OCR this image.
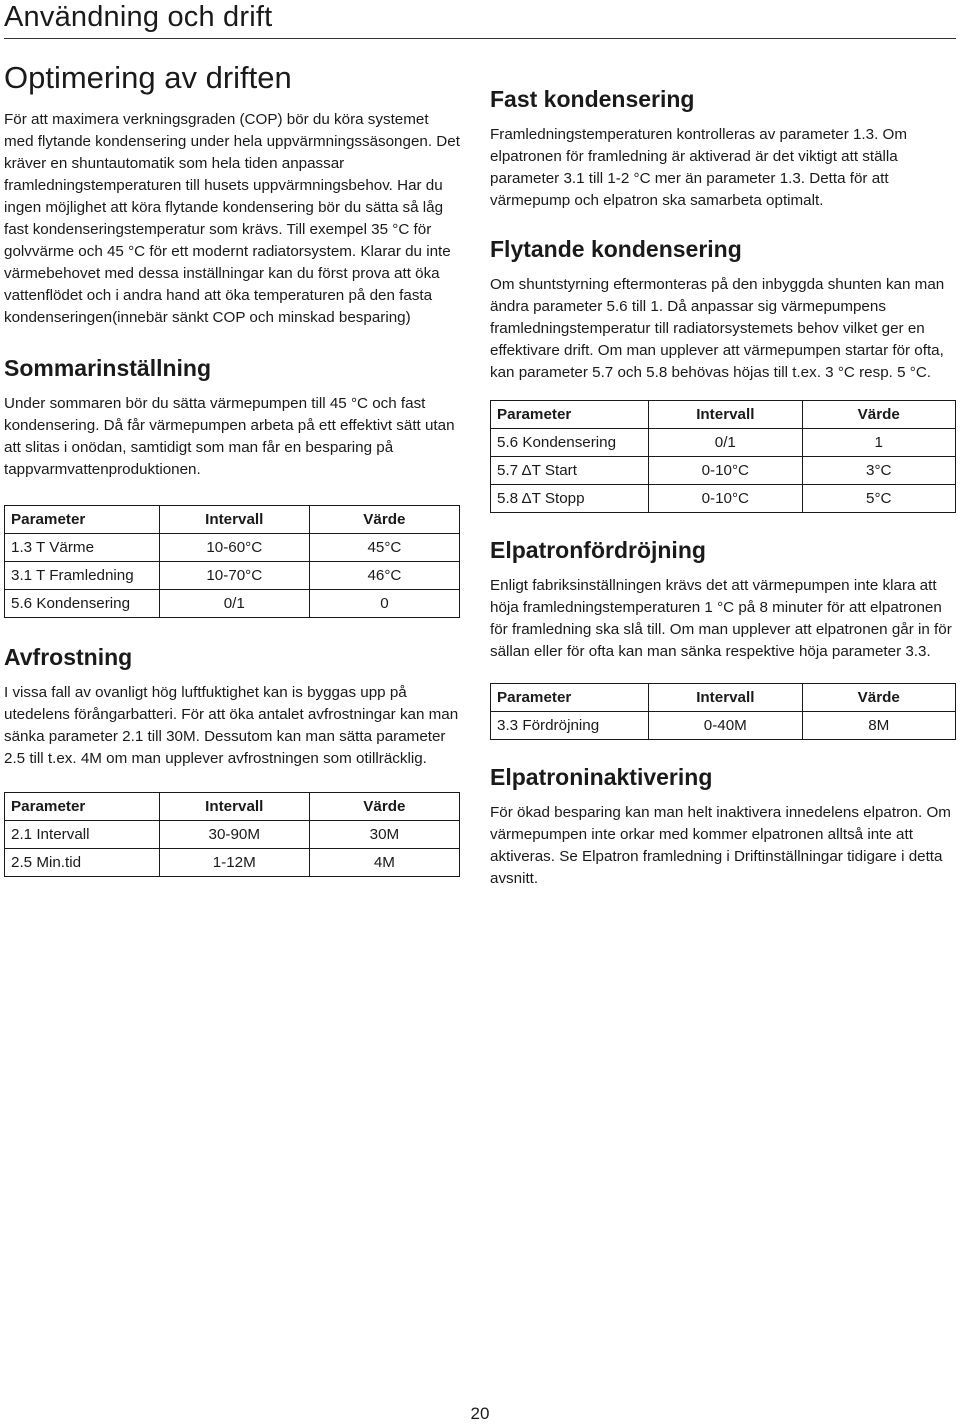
Användning och drift
Optimering av driften

För att maximera verkningsgraden (COP) bör du köra systemet med flytande kondensering under hela uppvärmningssäsongen. Det kräver en shuntautomatik som hela tiden anpassar framledningstemperaturen till husets uppvärmningsbehov. Har du ingen möjlighet att köra flytande kondensering bör du sätta så låg fast kondenseringstemperatur som krävs. Till exempel 35 °C för golvvärme och 45 °C för ett modernt radiatorsystem. Klarar du inte värmebehovet med dessa inställningar kan du först prova att öka vattenflödet och i andra hand att öka temperaturen på den fasta kondenseringen(innebär sänkt COP och minskad besparing)

Sommarinställning

Under sommaren bör du sätta värmepumpen till 45 °C och fast kondensering. Då får värmepumpen arbeta på ett effektivt sätt utan att slitas i onödan, samtidigt som man får en besparing på tappvarmvattenproduktionen.

Parameter	Intervall	Värde
1.3 T Värme	10-60°C	45°C
3.1 T Framledning	10-70°C	46°C
5.6 Kondensering	0/1	0
Avfrostning

I vissa fall av ovanligt hög luftfuktighet kan is byggas upp på utedelens förångarbatteri. För att öka antalet avfrostningar kan man sänka parameter 2.1 till 30M. Dessutom kan man sätta parameter 2.5 till t.ex. 4M om man upplever avfrostningen som otillräcklig.

Parameter	Intervall	Värde
2.1 Intervall	30-90M	30M
2.5 Min.tid	1-12M	4M
Fast kondensering

Framledningstemperaturen kontrolleras av parameter 1.3. Om elpatronen för framledning är aktiverad är det viktigt att ställa parameter 3.1 till 1-2 °C mer än parameter 1.3. Detta för att värmepump och elpatron ska samarbeta optimalt.

Flytande kondensering

Om shuntstyrning eftermonteras på den inbyggda shunten kan man ändra parameter 5.6 till 1. Då anpassar sig värmepumpens framledningstemperatur till radiatorsystemets behov vilket ger en effektivare drift. Om man upplever att värmepumpen startar för ofta, kan parameter 5.7 och 5.8 behövas höjas till t.ex. 3 °C resp. 5 °C.

Parameter	Intervall	Värde
5.6 Kondensering	0/1	1
5.7 ΔT Start	0-10°C	3°C
5.8 ΔT Stopp	0-10°C	5°C
Elpatronfördröjning

Enligt fabriksinställningen krävs det att värmepumpen inte klara att höja framledningstemperaturen 1 °C på 8 minuter för att elpatronen för framledning ska slå till. Om man upplever att elpatronen går in för sällan eller för ofta kan man sänka respektive höja parameter 3.3.

Parameter	Intervall	Värde
3.3 Fördröjning	0-40M	8M
Elpatroninaktivering

För ökad besparing kan man helt inaktivera innedelens elpatron. Om värmepumpen inte orkar med kommer elpatronen alltså inte att aktiveras. Se Elpatron framledning i Driftinställningar tidigare i detta avsnitt.

20
